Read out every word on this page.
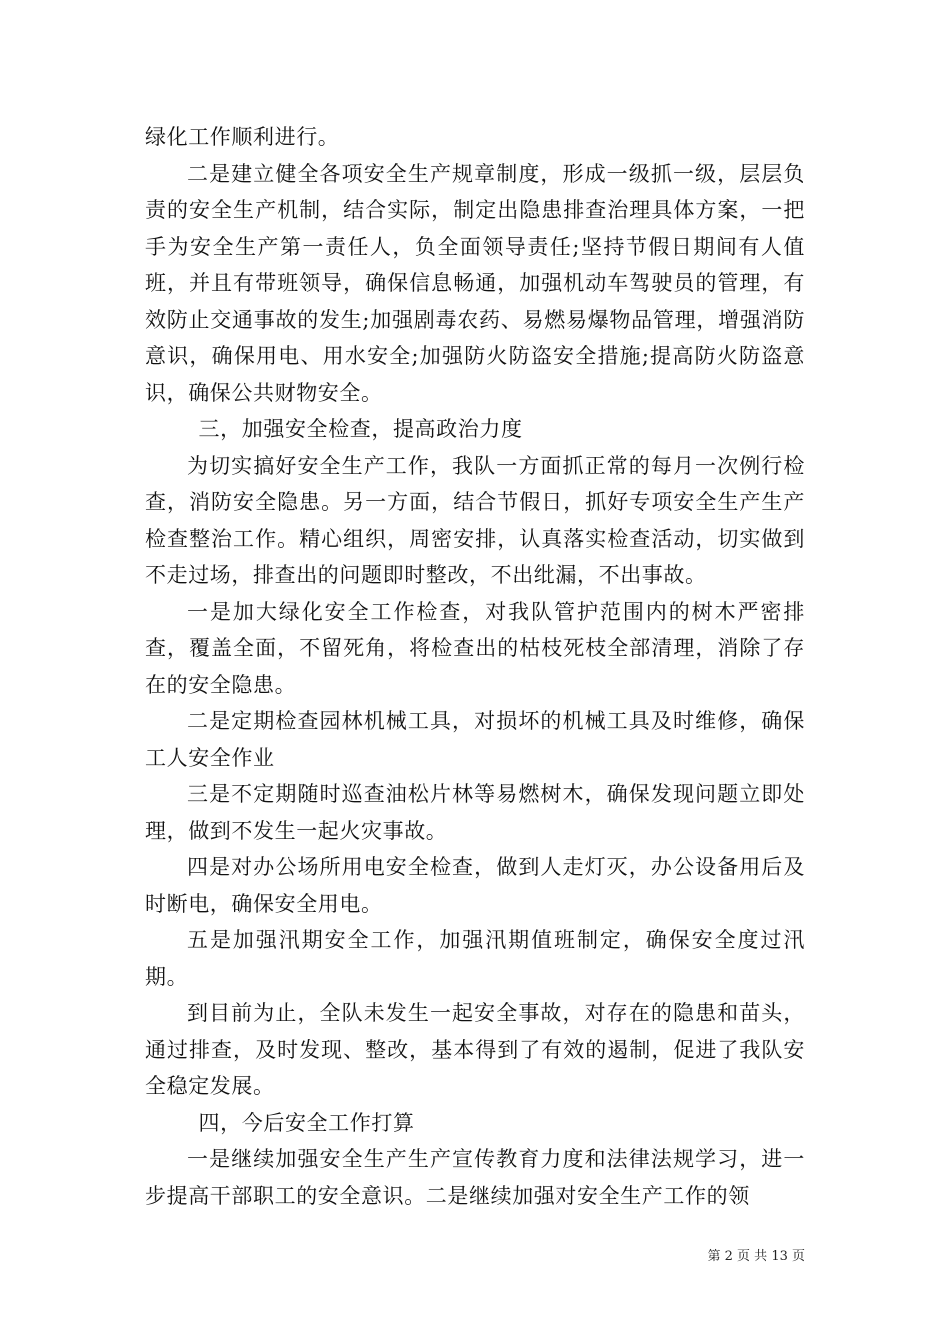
绿化工作顺利进行。

二是建立健全各项安全生产规章制度，形成一级抓一级，层层负责的安全生产机制，结合实际，制定出隐患排查治理具体方案，一把手为安全生产第一责任人，负全面领导责任;坚持节假日期间有人值班，并且有带班领导，确保信息畅通，加强机动车驾驶员的管理，有效防止交通事故的发生;加强剧毒农药、易燃易爆物品管理，增强消防意识，确保用电、用水安全;加强防火防盗安全措施;提高防火防盗意识，确保公共财物安全。

三，加强安全检查，提高政治力度

为切实搞好安全生产工作，我队一方面抓正常的每月一次例行检查，消防安全隐患。另一方面，结合节假日，抓好专项安全生产生产检查整治工作。精心组织，周密安排，认真落实检查活动，切实做到不走过场，排查出的问题即时整改，不出纰漏，不出事故。

一是加大绿化安全工作检查，对我队管护范围内的树木严密排查，覆盖全面，不留死角，将检查出的枯枝死枝全部清理，消除了存在的安全隐患。

二是定期检查园林机械工具，对损坏的机械工具及时维修，确保工人安全作业

三是不定期随时巡查油松片林等易燃树木，确保发现问题立即处理，做到不发生一起火灾事故。

四是对办公场所用电安全检查，做到人走灯灭，办公设备用后及时断电，确保安全用电。

五是加强汛期安全工作，加强汛期值班制定，确保安全度过汛期。

到目前为止，全队未发生一起安全事故，对存在的隐患和苗头，通过排查，及时发现、整改，基本得到了有效的遏制，促进了我队安全稳定发展。

四，今后安全工作打算

一是继续加强安全生产生产宣传教育力度和法律法规学习，进一步提高干部职工的安全意识。二是继续加强对安全生产工作的领

第 2 页 共 13 页
